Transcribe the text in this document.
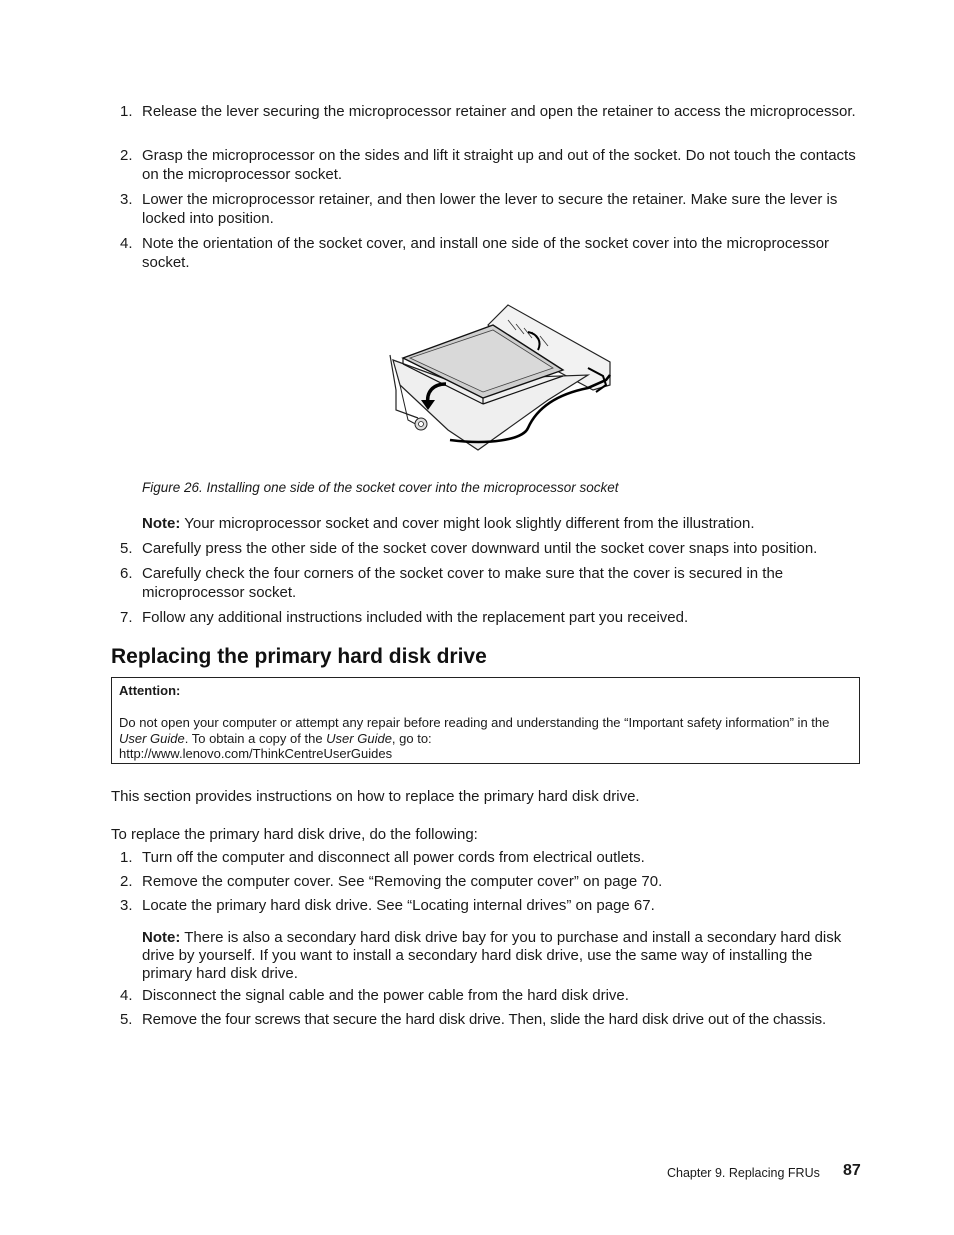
1. Release the lever securing the microprocessor retainer and open the retainer to access the microprocessor.
2. Grasp the microprocessor on the sides and lift it straight up and out of the socket. Do not touch the contacts on the microprocessor socket.
3. Lower the microprocessor retainer, and then lower the lever to secure the retainer. Make sure the lever is locked into position.
4. Note the orientation of the socket cover, and install one side of the socket cover into the microprocessor socket.
Figure 26. Installing one side of the socket cover into the microprocessor socket
Note: Your microprocessor socket and cover might look slightly different from the illustration.
5. Carefully press the other side of the socket cover downward until the socket cover snaps into position.
6. Carefully check the four corners of the socket cover to make sure that the cover is secured in the microprocessor socket.
7. Follow any additional instructions included with the replacement part you received.
Replacing the primary hard disk drive
Attention:
Do not open your computer or attempt any repair before reading and understanding the “Important safety information” in the User Guide. To obtain a copy of the User Guide, go to:
http://www.lenovo.com/ThinkCentreUserGuides
This section provides instructions on how to replace the primary hard disk drive.
To replace the primary hard disk drive, do the following:
1. Turn off the computer and disconnect all power cords from electrical outlets.
2. Remove the computer cover. See “Removing the computer cover” on page 70.
3. Locate the primary hard disk drive. See “Locating internal drives” on page 67.
Note: There is also a secondary hard disk drive bay for you to purchase and install a secondary hard disk drive by yourself. If you want to install a secondary hard disk drive, use the same way of installing the primary hard disk drive.
4. Disconnect the signal cable and the power cable from the hard disk drive.
5. Remove the four screws that secure the hard disk drive. Then, slide the hard disk drive out of the chassis.
Chapter 9. Replacing FRUs 87
